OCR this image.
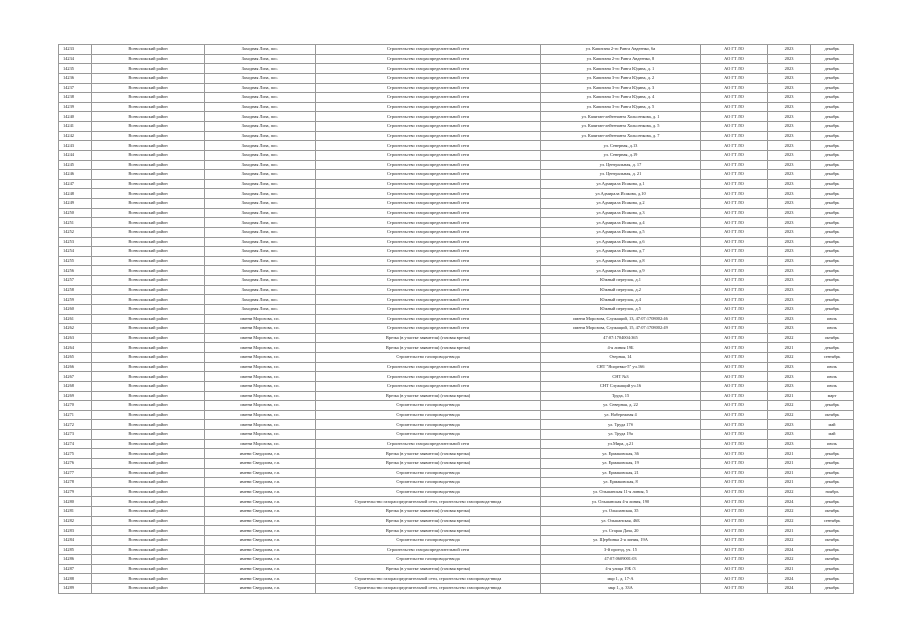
14233	Всеволожский район	Заходная Лиза, пос.	Строительство газораспределительной сети	ул. Капитана 2-го Ранга Авдеенко, 6а	АО ГТ ЛО	2023	декабрь
14234	Всеволожский район	Заходная Лиза, пос.	Строительство газораспределительной сети	ул. Капитана 2-го Ранга Авдеенко, 8	АО ГТ ЛО	2023	декабрь
14235	Всеволожский район	Заходная Лиза, пос.	Строительство газораспределительной сети	ул. Капитана 3-го Ранга Юдина, д. 1	АО ГТ ЛО	2023	декабрь
14236	Всеволожский район	Заходная Лиза, пос.	Строительство газораспределительной сети	ул. Капитана 3-го Ранга Юдина, д. 2	АО ГТ ЛО	2023	декабрь
14237	Всеволожский район	Заходная Лиза, пос.	Строительство газораспределительной сети	ул. Капитана 3-го Ранга Юдина, д. 3	АО ГТ ЛО	2023	декабрь
14238	Всеволожский район	Заходная Лиза, пос.	Строительство газораспределительной сети	ул. Капитана 3-го Ранга Юдина, д. 4	АО ГТ ЛО	2023	декабрь
14239	Всеволожский район	Заходная Лиза, пос.	Строительство газораспределительной сети	ул. Капитана 3-го Ранга Юдина, д. 5	АО ГТ ЛО	2023	декабрь
14240	Всеволожский район	Заходная Лиза, пос.	Строительство газораспределительной сети	ул. Капитан-лейтенанта Хольсенкова, д. 1	АО ГТ ЛО	2023	декабрь
14241	Всеволожский район	Заходная Лиза, пос.	Строительство газораспределительной сети	ул. Капитан-лейтенанта Хольсенкова, д. 5	АО ГТ ЛО	2023	декабрь
14242	Всеволожский район	Заходная Лиза, пос.	Строительство газораспределительной сети	ул. Капитан-лейтенанта Хольсенкова, д. 7	АО ГТ ЛО	2023	декабрь
14243	Всеволожский район	Заходная Лиза, пос.	Строительство газораспределительной сети	ул. Северная, д.13	АО ГТ ЛО	2023	декабрь
14244	Всеволожский район	Заходная Лиза, пос.	Строительство газораспределительной сети	ул. Северная, д.19	АО ГТ ЛО	2023	декабрь
14245	Всеволожский район	Заходная Лиза, пос.	Строительство газораспределительной сети	ул. Центральная, д. 17	АО ГТ ЛО	2023	декабрь
14246	Всеволожский район	Заходная Лиза, пос.	Строительство газораспределительной сети	ул. Центральная, д. 21	АО ГТ ЛО	2023	декабрь
14247	Всеволожский район	Заходная Лиза, пос.	Строительство газораспределительной сети	ул.Адмирала Исакова, д.1	АО ГТ ЛО	2023	декабрь
14248	Всеволожский район	Заходная Лиза, пос.	Строительство газораспределительной сети	ул.Адмирала Исакова, д.10	АО ГТ ЛО	2023	декабрь
14249	Всеволожский район	Заходная Лиза, пос.	Строительство газораспределительной сети	ул.Адмирала Исакова, д.2	АО ГТ ЛО	2023	декабрь
14250	Всеволожский район	Заходная Лиза, пос.	Строительство газораспределительной сети	ул.Адмирала Исакова, д.3	АО ГТ ЛО	2023	декабрь
14251	Всеволожский район	Заходная Лиза, пос.	Строительство газораспределительной сети	ул.Адмирала Исакова, д.4	АО ГТ ЛО	2023	декабрь
14252	Всеволожский район	Заходная Лиза, пос.	Строительство газораспределительной сети	ул.Адмирала Исакова, д.5	АО ГТ ЛО	2023	декабрь
14253	Всеволожский район	Заходная Лиза, пос.	Строительство газораспределительной сети	ул.Адмирала Исакова, д.6	АО ГТ ЛО	2023	декабрь
14254	Всеволожский район	Заходная Лиза, пос.	Строительство газораспределительной сети	ул.Адмирала Исакова, д.7	АО ГТ ЛО	2023	декабрь
14255	Всеволожский район	Заходная Лиза, пос.	Строительство газораспределительной сети	ул.Адмирала Исакова, д.8	АО ГТ ЛО	2023	декабрь
14256	Всеволожский район	Заходная Лиза, пос.	Строительство газораспределительной сети	ул.Адмирала Исакова, д.9	АО ГТ ЛО	2023	декабрь
14257	Всеволожский район	Заходная Лиза, пос.	Строительство газораспределительной сети	Южный переулок, д.1	АО ГТ ЛО	2023	декабрь
14258	Всеволожский район	Заходная Лиза, пос.	Строительство газораспределительной сети	Южный переулок, д.2	АО ГТ ЛО	2023	декабрь
14259	Всеволожский район	Заходная Лиза, пос.	Строительство газораспределительной сети	Южный переулок, д.4	АО ГТ ЛО	2023	декабрь
14260	Всеволожский район	Заходная Лиза, пос.	Строительство газораспределительной сети	Южный переулок, д.5	АО ГТ ЛО	2023	декабрь
14261	Всеволожский район	имени Морозова, г.п.	Строительство газораспределительной сети	имени Морозова, Служащий, 13, 47:07:1708002:46	АО ГТ ЛО	2023	июль
14262	Всеволожский район	имени Морозова, г.п.	Строительство газораспределительной сети	имени Морозова, Служащий, 15, 47:07:1708002:49	АО ГТ ЛО	2023	июль
14263	Всеволожский район	имени Морозова, г.п.	Врезка (в участке заявителя) (газовая врезка)	47:07:1704004:365	АО ГТ ЛО	2022	октябрь
14264	Всеволожский район	имени Морозова, г.п.	Врезка (в участке заявителя) (газовая врезка)	4-я линия 19Б	АО ГТ ЛО	2021	декабрь
14265	Всеволожский район	имени Морозова, г.п.	Строительство газопровода-ввода	Озерная, 14	АО ГТ ЛО	2022	сентябрь
14266	Всеволожский район	имени Морозова, г.п.	Строительство газораспределительной сети	СНТ "Ясиревко-5" уч.166	АО ГТ ЛО	2023	июль
14267	Всеволожский район	имени Морозова, г.п.	Строительство газораспределительной сети	СНТ №3	АО ГТ ЛО	2023	июль
14268	Всеволожский район	имени Морозова, г.п.	Строительство газораспределительной сети	СНТ Служащий уч.16	АО ГТ ЛО	2023	июль
14269	Всеволожский район	имени Морозова, г.п.	Врезка (в участке заявителя) (газовая врезка)	Труда, 15	АО ГТ ЛО	2021	март
14270	Всеволожский район	имени Морозова, г.п.	Строительство газопровода-ввода	ул. Северная, д. 22	АО ГТ ЛО	2022	декабрь
14271	Всеволожский район	имени Морозова, г.п.	Строительство газопровода-ввода	ул. Набережная 4	АО ГТ ЛО	2022	октябрь
14272	Всеволожский район	имени Морозова, г.п.	Строительство газопровода-ввода	ул. Труда 17б	АО ГТ ЛО	2023	май
14273	Всеволожский район	имени Морозова, г.п.	Строительство газопровода-ввода	ул. Труда 19а	АО ГТ ЛО	2023	май
14274	Всеволожский район	имени Морозова, г.п.	Строительство газораспределительной сети	ул.Мира, д.21	АО ГТ ЛО	2023	июль
14275	Всеволожский район	имени Свердлова, г.п.	Врезка (в участке заявителя) (газовая врезка)	ул. Ермаковская, 36	АО ГТ ЛО	2021	декабрь
14276	Всеволожский район	имени Свердлова, г.п.	Врезка (в участке заявителя) (газовая врезка)	ул. Ермаковская, 19	АО ГТ ЛО	2021	декабрь
14277	Всеволожский район	имени Свердлова, г.п.	Строительство газопровода-ввода	ул. Ермаковская, 21	АО ГТ ЛО	2021	декабрь
14278	Всеволожский район	имени Свердлова, г.п.	Строительство газопровода-ввода	ул. Ермаковская, 8	АО ГТ ЛО	2021	декабрь
14279	Всеволожский район	имени Свердлова, г.п.	Строительство газопровода-ввода	ул. Ольшанская 11-я линия, 5	АО ГТ ЛО	2022	ноябрь
14280	Всеволожский район	имени Свердлова, г.п.	Строительство газораспределительной сети, строительство газопровода-ввода	ул. Ольшанская 4-я линия, 190	АО ГТ ЛО	2024	декабрь
14281	Всеволожский район	имени Свердлова, г.п.	Врезка (в участке заявителя) (газовая врезка)	ул. Ольшанская, 35	АО ГТ ЛО	2022	октябрь
14282	Всеволожский район	имени Свердлова, г.п.	Врезка (в участке заявителя) (газовая врезка)	ул. Ольшанская, 46Б	АО ГТ ЛО	2022	сентябрь
14283	Всеволожский район	имени Свердлова, г.п.	Врезка (в участке заявителя) (газовая врезка)	ул. Старая Дача, 20	АО ГТ ЛО	2021	декабрь
14284	Всеволожский район	имени Свердлова, г.п.	Строительство газопровода-ввода	ул. Щербинка 2-я линия, 19А	АО ГТ ЛО	2022	октябрь
14285	Всеволожский район	имени Свердлова, г.п.	Строительство газораспределительной сети	3-й проезд, уч. 15	АО ГТ ЛО	2024	декабрь
14286	Всеволожский район	имени Свердлова, г.п.	Строительство газопровода-ввода	47:07:0609001:03	АО ГТ ЛО	2022	октябрь
14287	Всеволожский район	имени Свердлова, г.п.	Врезка (в участке заявителя) (газовая врезка)	4-я улица 19Б /3	АО ГТ ЛО	2021	декабрь
14288	Всеволожский район	имени Свердлова, г.п.	Строительство газораспределительной сети, строительство газопровода-ввода	мкр 1, д. 17-А	АО ГТ ЛО	2024	декабрь
14289	Всеволожский район	имени Свердлова, г.п.	Строительство газораспределительной сети, строительство газопровода-ввода	мкр 1, д. 33А	АО ГТ ЛО	2024	декабрь
